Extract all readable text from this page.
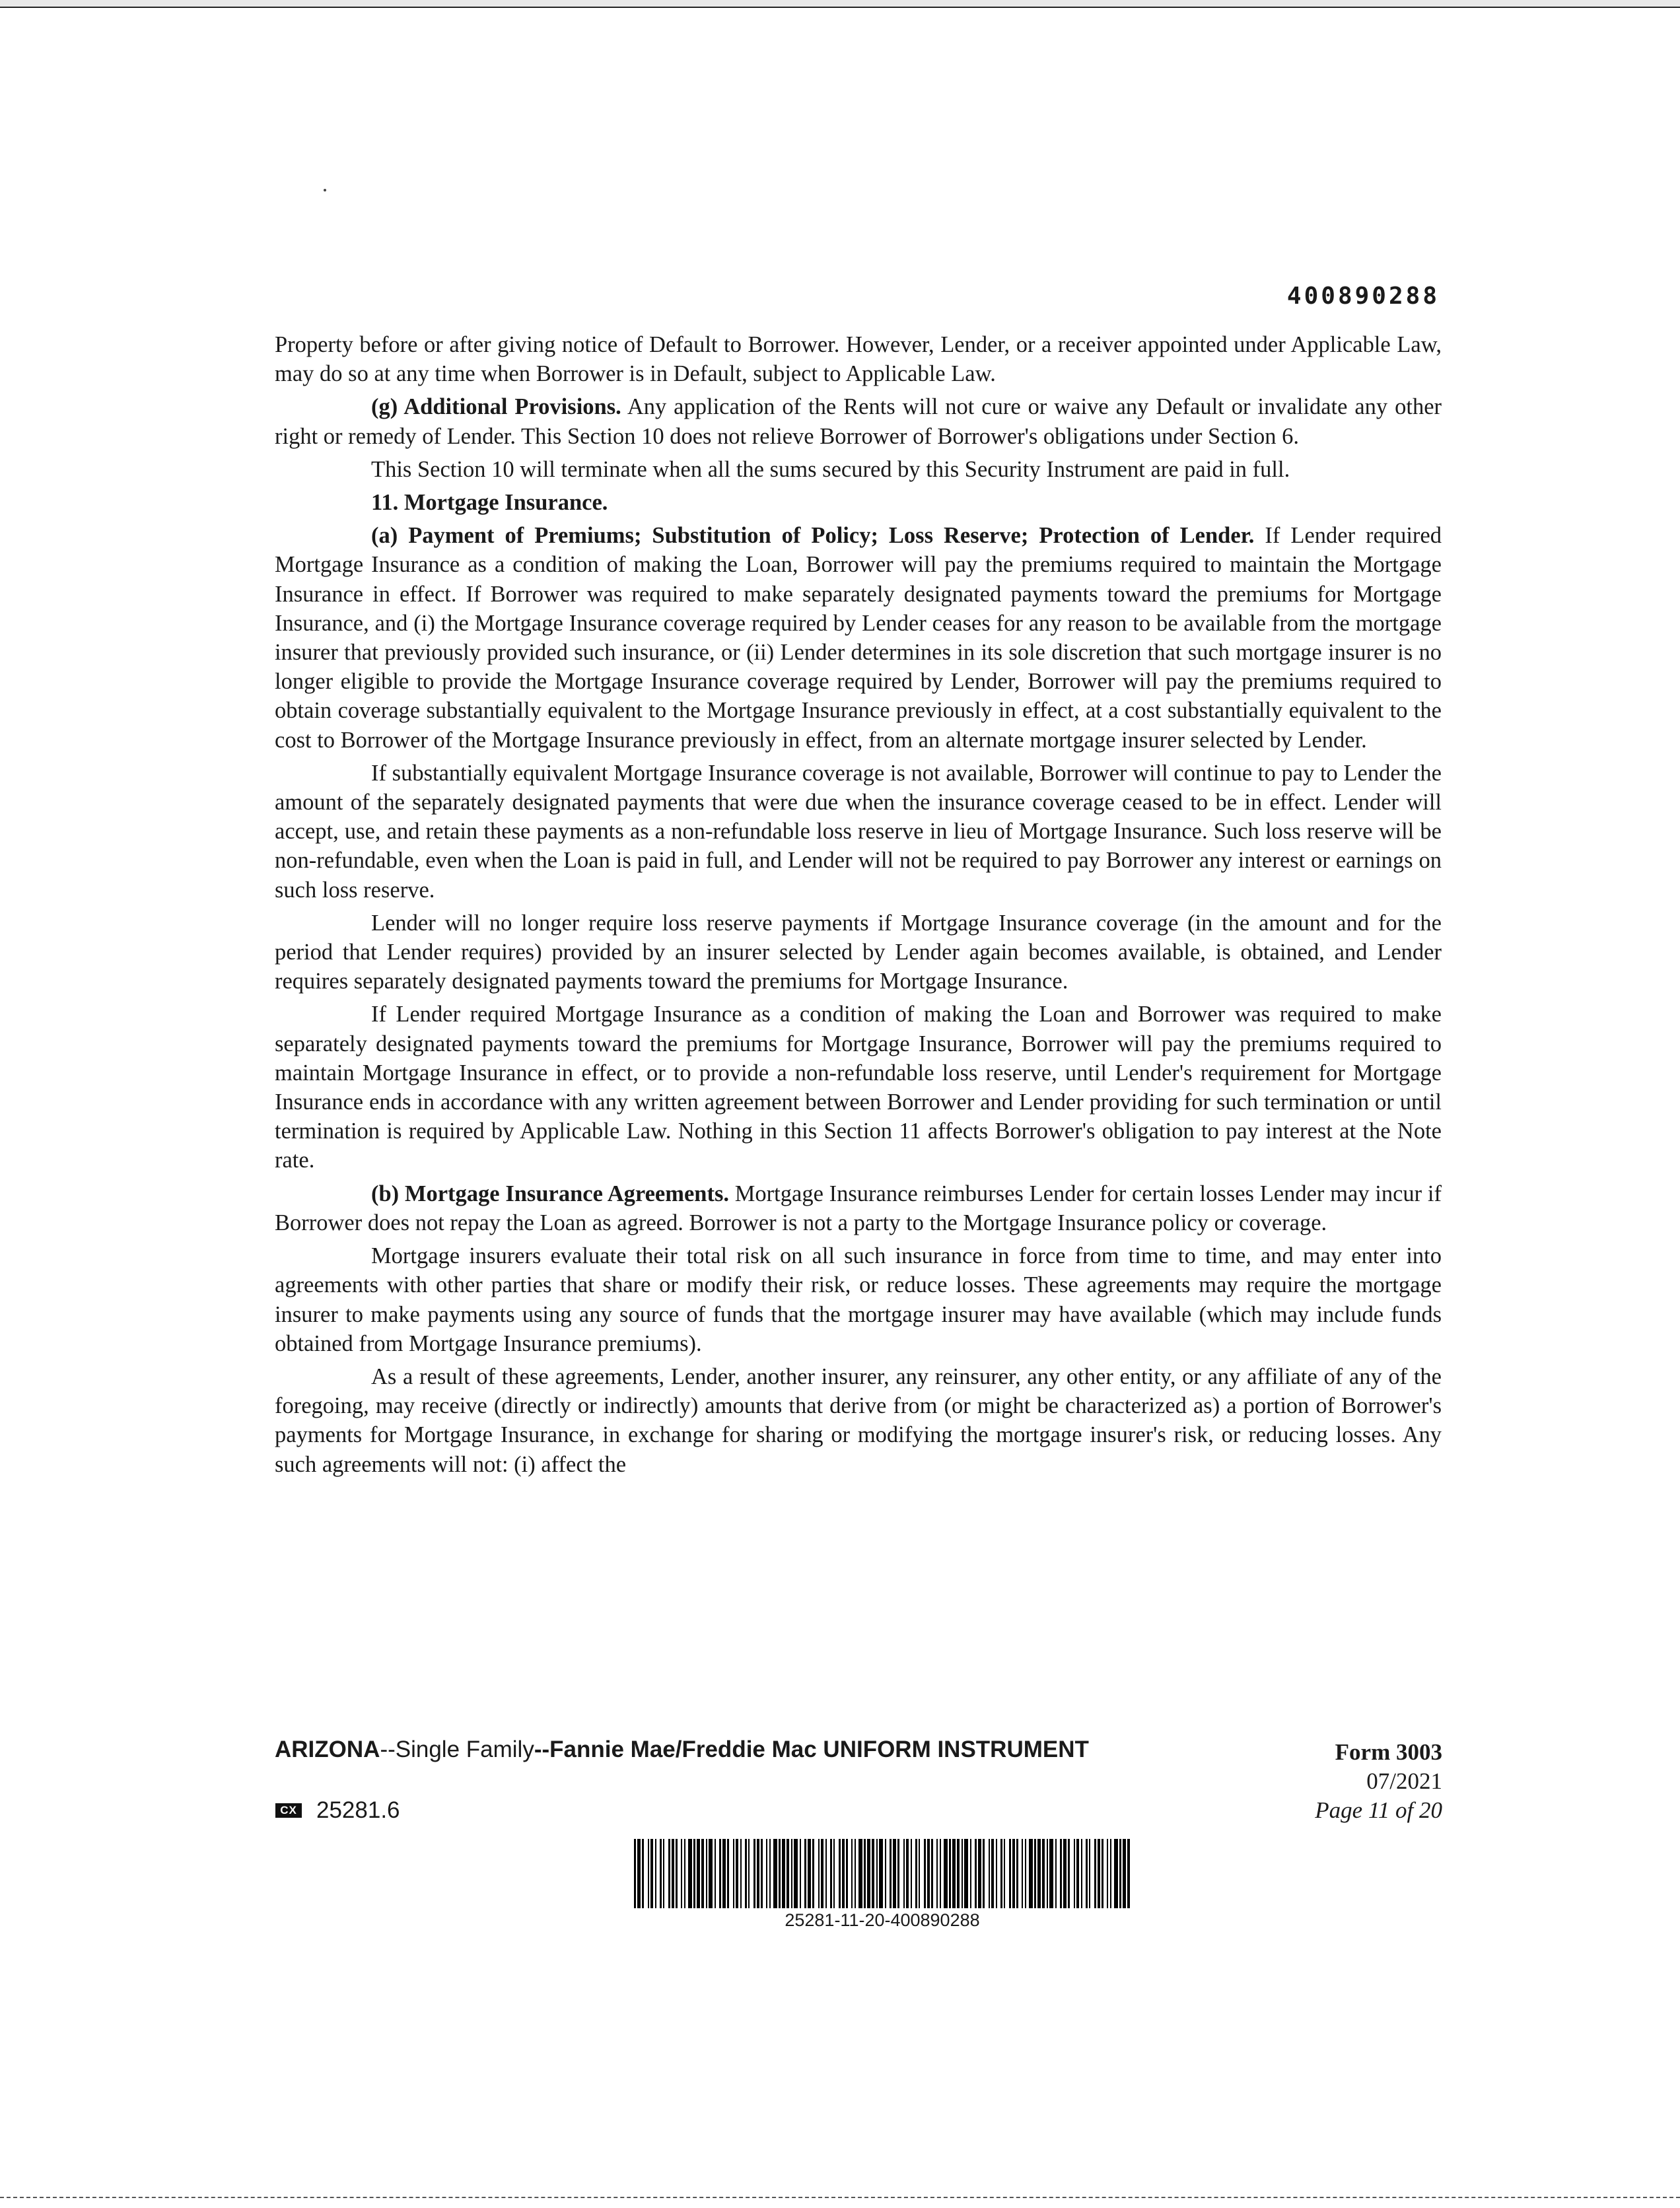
400890288

Property before or after giving notice of Default to Borrower. However, Lender, or a receiver appointed under Applicable Law, may do so at any time when Borrower is in Default, subject to Applicable Law.

(g) Additional Provisions. Any application of the Rents will not cure or waive any Default or invalidate any other right or remedy of Lender. This Section 10 does not relieve Borrower of Borrower's obligations under Section 6.

This Section 10 will terminate when all the sums secured by this Security Instrument are paid in full.

11. Mortgage Insurance.

(a) Payment of Premiums; Substitution of Policy; Loss Reserve; Protection of Lender. If Lender required Mortgage Insurance as a condition of making the Loan, Borrower will pay the premiums required to maintain the Mortgage Insurance in effect. If Borrower was required to make separately designated payments toward the premiums for Mortgage Insurance, and (i) the Mortgage Insurance coverage required by Lender ceases for any reason to be available from the mortgage insurer that previously provided such insurance, or (ii) Lender determines in its sole discretion that such mortgage insurer is no longer eligible to provide the Mortgage Insurance coverage required by Lender, Borrower will pay the premiums required to obtain coverage substantially equivalent to the Mortgage Insurance previously in effect, at a cost substantially equivalent to the cost to Borrower of the Mortgage Insurance previously in effect, from an alternate mortgage insurer selected by Lender.

If substantially equivalent Mortgage Insurance coverage is not available, Borrower will continue to pay to Lender the amount of the separately designated payments that were due when the insurance coverage ceased to be in effect. Lender will accept, use, and retain these payments as a non-refundable loss reserve in lieu of Mortgage Insurance. Such loss reserve will be non-refundable, even when the Loan is paid in full, and Lender will not be required to pay Borrower any interest or earnings on such loss reserve.

Lender will no longer require loss reserve payments if Mortgage Insurance coverage (in the amount and for the period that Lender requires) provided by an insurer selected by Lender again becomes available, is obtained, and Lender requires separately designated payments toward the premiums for Mortgage Insurance.

If Lender required Mortgage Insurance as a condition of making the Loan and Borrower was required to make separately designated payments toward the premiums for Mortgage Insurance, Borrower will pay the premiums required to maintain Mortgage Insurance in effect, or to provide a non-refundable loss reserve, until Lender's requirement for Mortgage Insurance ends in accordance with any written agreement between Borrower and Lender providing for such termination or until termination is required by Applicable Law. Nothing in this Section 11 affects Borrower's obligation to pay interest at the Note rate.

(b) Mortgage Insurance Agreements. Mortgage Insurance reimburses Lender for certain losses Lender may incur if Borrower does not repay the Loan as agreed. Borrower is not a party to the Mortgage Insurance policy or coverage.

Mortgage insurers evaluate their total risk on all such insurance in force from time to time, and may enter into agreements with other parties that share or modify their risk, or reduce losses. These agreements may require the mortgage insurer to make payments using any source of funds that the mortgage insurer may have available (which may include funds obtained from Mortgage Insurance premiums).

As a result of these agreements, Lender, another insurer, any reinsurer, any other entity, or any affiliate of any of the foregoing, may receive (directly or indirectly) amounts that derive from (or might be characterized as) a portion of Borrower's payments for Mortgage Insurance, in exchange for sharing or modifying the mortgage insurer's risk, or reducing losses. Any such agreements will not: (i) affect the

ARIZONA--Single Family--Fannie Mae/Freddie Mac UNIFORM INSTRUMENT	Form 3003
07/2021
Page 11 of 20
CX 25281.6
25281-11-20-400890288
